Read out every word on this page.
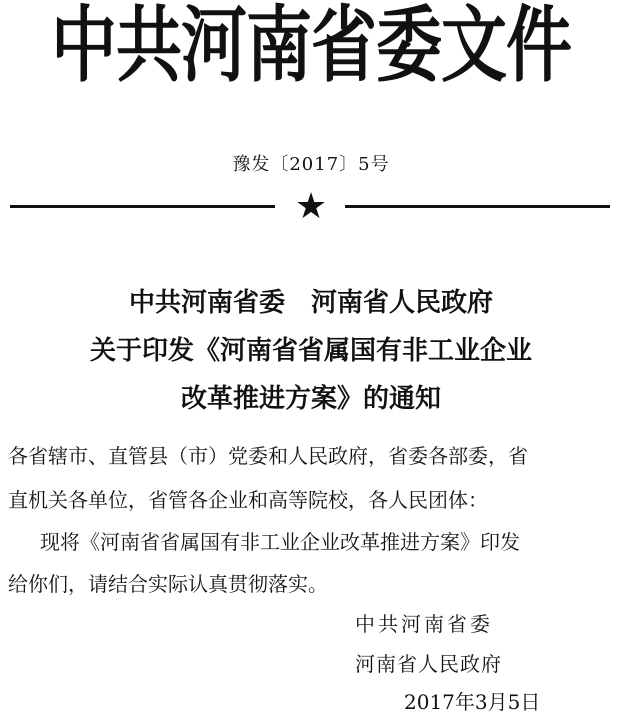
中共河南省委文件
豫发〔2017〕5号
★
中共河南省委　河南省人民政府
关于印发《河南省省属国有非工业企业
改革推进方案》的通知
各省辖市、直管县（市）党委和人民政府，省委各部委，省
直机关各单位，省管各企业和高等院校，各人民团体：
现将《河南省省属国有非工业企业改革推进方案》印发
给你们，请结合实际认真贯彻落实。
中共河南省委
河南省人民政府
2017年3月5日
